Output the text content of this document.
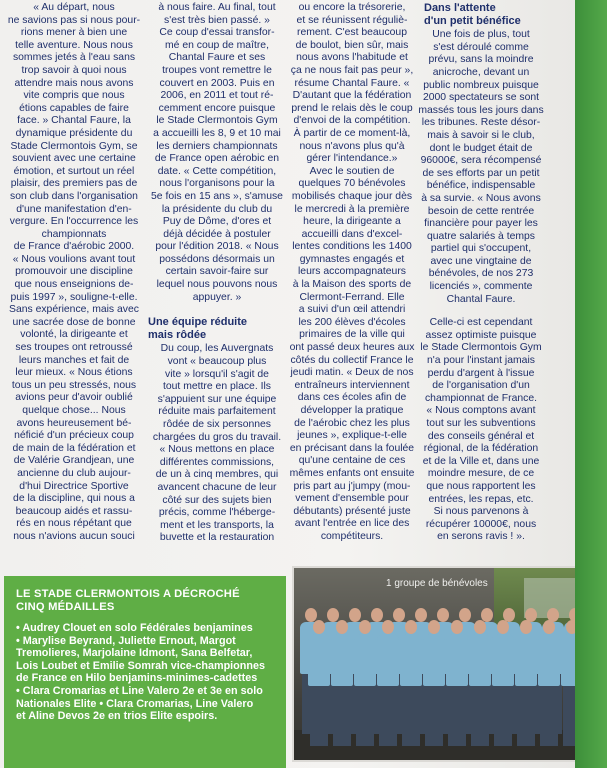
« Au départ, nous
ne savions pas si nous pour-
rions mener à bien une
telle aventure. Nous nous
sommes jetés à l'eau sans
trop savoir à quoi nous
attendre mais nous avons
vite compris que nous
étions capables de faire
face. » Chantal Faure, la
dynamique présidente du
Stade Clermontois Gym, se
souvient avec une certaine
émotion, et surtout un réel
plaisir, des premiers pas de
son club dans l'organisation
d'une manifestation d'en-
vergure. En l'occurrence les
championnats
de France d'aérobic 2000.
« Nous voulions avant tout
promouvoir une discipline
que nous enseignions de-
puis 1997 », souligne-t-elle.
Sans expérience, mais avec
une sacrée dose de bonne
volonté, la dirigeante et
ses troupes ont retroussé
leurs manches et fait de
leur mieux. « Nous étions
tous un peu stressés, nous
avions peur d'avoir oublié
quelque chose... Nous
avons heureusement bé-
néficié d'un précieux coup
de main de la fédération et
de Valérie Grandjean, une
ancienne du club aujour-
d'hui Directrice Sportive
de la discipline, qui nous a
beaucoup aidés et rassu-
rés en nous répétant que
nous n'avions aucun souci

à nous faire. Au final, tout
s'est très bien passé. »
Ce coup d'essai transfor-
mé en coup de maître,
Chantal Faure et ses
troupes vont remettre le
couvert en 2003. Puis en
2006, en 2011 et tout ré-
cemment encore puisque
le Stade Clermontois Gym
a accueilli les 8, 9 et 10 mai
les derniers championnats
de France open aérobic en
date. « Cette compétition,
nous l'organisons pour la
5e fois en 15 ans », s'amuse
la présidente du club du
Puy de Dôme, d'ores et
déjà décidée à postuler
pour l'édition 2018. « Nous
possédons désormais un
certain savoir-faire sur
lequel nous pouvons nous
appuyer. »

Une équipe réduite
mais rôdée

Du coup, les Auvergnats
vont « beaucoup plus
vite » lorsqu'il s'agit de
tout mettre en place. Ils
s'appuient sur une équipe
réduite mais parfaitement
rôdée de six personnes
chargées du gros du travail.
« Nous mettons en place
différentes commissions,
de un à cinq membres, qui
avancent chacune de leur
côté sur des sujets bien
précis, comme l'héberge-
ment et les transports, la
buvette et la restauration

ou encore la trésorerie,
et se réunissent réguliè-
rement. C'est beaucoup
de boulot, bien sûr, mais
nous avons l'habitude et
ça ne nous fait pas peur »,
résume Chantal Faure. «
D'autant que la fédération
prend le relais dès le coup
d'envoi de la compétition.
À partir de ce moment-là,
nous n'avons plus qu'à
gérer l'intendance.»
Avec le soutien de
quelques 70 bénévoles
mobilisés chaque jour dès
le mercredi à la première
heure, la dirigeante a
accueilli dans d'excel-
lentes conditions les 1400
gymnastes engagés et
leurs accompagnateurs
à la Maison des sports de
Clermont-Ferrand. Elle
a suivi d'un œil attendri
les 200 élèves d'écoles
primaires de la ville qui
ont passé deux heures aux
côtés du collectif France le
jeudi matin. « Deux de nos
entraîneurs interviennent
dans ces écoles afin de
développer la pratique
de l'aérobic chez les plus
jeunes », explique-t-elle
en précisant dans la foulée
qu'une centaine de ces
mêmes enfants ont ensuite
pris part au j'jumpy (mou-
vement d'ensemble pour
débutants) présenté juste
avant l'entrée en lice des
compétiteurs.

Dans l'attente
d'un petit bénéfice

Une fois de plus, tout
s'est déroulé comme
prévu, sans la moindre
anicroche, devant un
public nombreux puisque
2000 spectateurs se sont
massés tous les jours dans
les tribunes. Reste désor-
mais à savoir si le club,
dont le budget était de
96000€, sera récompensé
de ses efforts par un petit
bénéfice, indispensable
à sa survie. « Nous avons
besoin de cette rentrée
financière pour payer les
quatre salariés à temps
partiel qui s'occupent,
avec une vingtaine de
bénévoles, de nos 273
licenciés », commente
Chantal Faure.

Celle-ci est cependant
assez optimiste puisque
le Stade Clermontois Gym
n'a pour l'instant jamais
perdu d'argent à l'issue
de l'organisation d'un
championnat de France.
« Nous comptons avant
tout sur les subventions
des conseils général et
régional, de la fédération
et de la Ville et, dans une
moindre mesure, de ce
que nous rapportent les
entrées, les repas, etc.
Si nous parvenons à
récupérer 10000€, nous
en serons ravis ! ».

LE STADE CLERMONTOIS A DÉCROCHÉ
CINQ MÉDAILLES
• Audrey Clouet en solo Fédérales benjamines
• Marylise Beyrand, Juliette Ernout, Margot
Tremolieres, Marjolaine Idmont, Sana Belfetar,
Lois Loubet et Emilie Somrah vice-championnes
de France en Hilo benjamins-minimes-cadettes
• Clara Cromarias et Line Valero 2e et 3e en solo
Nationales Elite • Clara Cromarias, Line Valero
et Aline Devos 2e en trios Elite espoirs.
1 groupe de bénévoles
